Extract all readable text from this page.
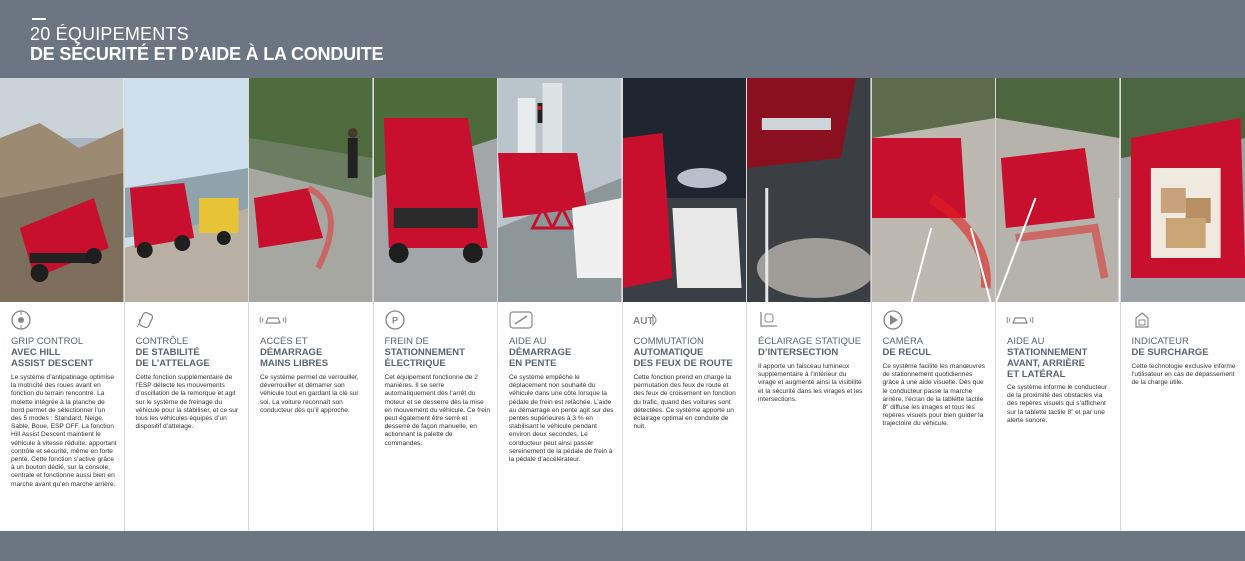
20 ÉQUIPEMENTS
DE SÉCURITÉ ET D’AIDE À LA CONDUITE
GRIP CONTROL
AVEC HILL
ASSIST DESCENT
Le système d’antipatinage optimise la motricité des roues avant en fonction du terrain rencontré. La molette intégrée à la planche de bord permet de sélectionner l’un des 5 modes : Standard, Neige, Sable, Boue, ESP OFF. La fonction Hill Assist Descent maintient le véhicule à vitesse réduite, apportant contrôle et sécurité, même en forte pente. Cette fonction s’active grâce à un bouton dédié, sur la console, centrale et fonctionne aussi bien en marche avant qu’en marche arrière.
CONTRÔLE
DE STABILITÉ
DE L’ATTELAGE
Cette fonction supplémentaire de l’ESP détecte les mouvements d’oscillation de la remorque et agit sur le système de freinage du véhicule pour la stabiliser, et ce sur tous les véhicules équipés d’un dispositif d’attelage.
ACCÈS ET
DÉMARRAGE
MAINS LIBRES
Ce système permet de verrouiller, déverrouiller et démarrer son véhicule tout en gardant la clé sur soi. La voiture reconnaît son conducteur dès qu’il approche.
P
FREIN DE
STATIONNEMENT
ÉLECTRIQUE
Cet équipement fonctionne de 2 manières. Il se serre automatiquement dès l’arrêt du moteur et se desserre dès la mise en mouvement du véhicule. Ce frein peut également être serré et desserré de façon manuelle, en actionnant la palette de commandes.
AIDE AU
DÉMARRAGE
EN PENTE
Ce système empêche le déplacement non souhaité du véhicule dans une côte lorsque la pédale de frein est relâchée. L’aide au démarrage en pente agit sur des pentes supérieures à 3 % en stabilisant le véhicule pendant environ deux secondes. Le conducteur peut ainsi passer sereinement de la pédale de frein à la pédale d’accélérateur.
AUT
COMMUTATION
AUTOMATIQUE
DES FEUX DE ROUTE
Cette fonction prend en charge la permutation des feux de route et des feux de croisement en fonction du trafic, quand des voitures sont détectées. Ce système apporte un éclairage optimal en conduite de nuit.
ÉCLAIRAGE STATIQUE
D’INTERSECTION
Il apporte un faisceau lumineux supplémentaire à l’intérieur du virage et augmente ainsi la visibilité et la sécurité dans les virages et les intersections.
CAMÉRA
DE RECUL
Ce système facilite les manœuvres de stationnement quotidiennes grâce à une aide visuelle. Dès que le conducteur passe la marche arrière, l’écran de la tablette tactile 8” diffuse les images et tous les repères visuels pour bien guider la trajectoire du véhicule.
AIDE AU
STATIONNEMENT
AVANT, ARRIÈRE
ET LATÉRAL
Ce système informe le conducteur de la proximité des obstacles via des repères visuels qui s’affichent sur la tablette tactile 8” et par une alerte sonore.
INDICATEUR
DE SURCHARGE
Cette technologie exclusive informe l’utilisateur en cas de dépassement de la charge utile.
